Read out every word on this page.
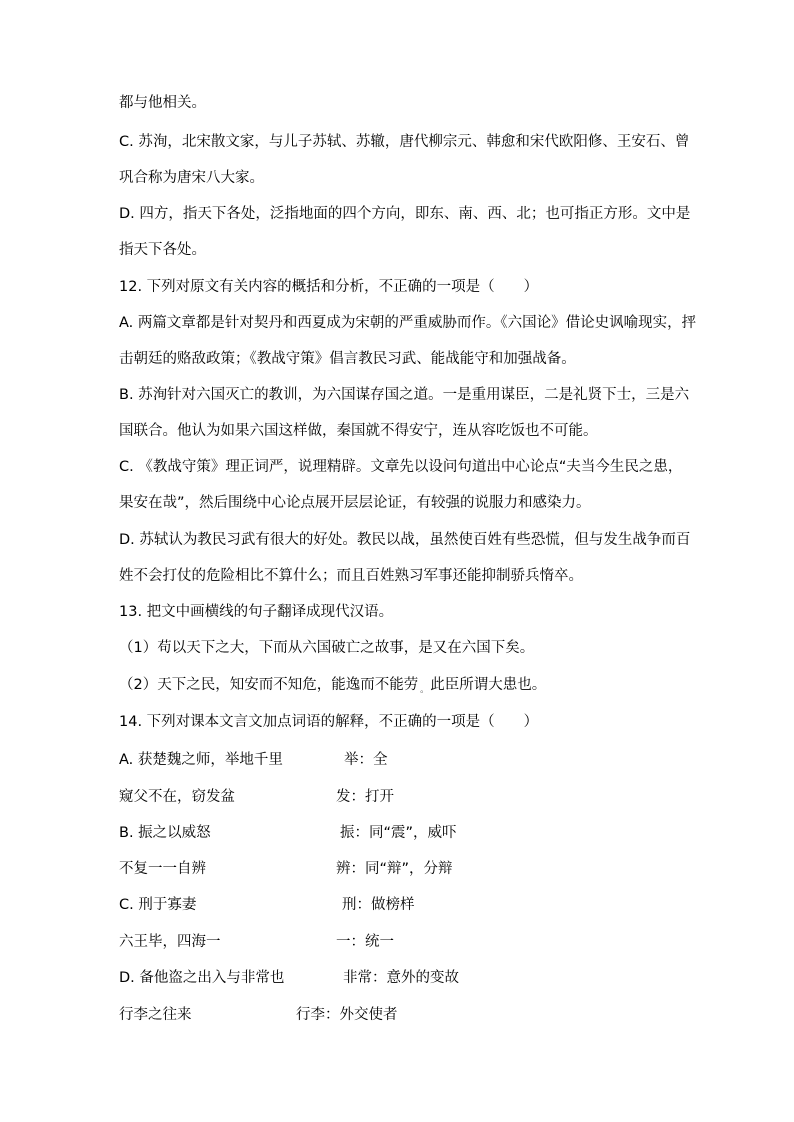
都与他相关。
C. 苏洵，北宋散文家，与儿子苏轼、苏辙，唐代柳宗元、韩愈和宋代欧阳修、王安石、曾
巩合称为唐宋八大家。
D. 四方，指天下各处，泛指地面的四个方向，即东、南、西、北；也可指正方形。文中是
指天下各处。
12. 下列对原文有关内容的概括和分析，不正确的一项是（　　）
A. 两篇文章都是针对契丹和西夏成为宋朝的严重威胁而作。《六国论》借论史讽喻现实，抨
击朝廷的赂敌政策；《教战守策》倡言教民习武、能战能守和加强战备。
B. 苏洵针对六国灭亡的教训，为六国谋存国之道。一是重用谋臣，二是礼贤下士，三是六
国联合。他认为如果六国这样做，秦国就不得安宁，连从容吃饭也不可能。
C. 《教战守策》理正词严，说理精辟。文章先以设问句道出中心论点“夫当今生民之患，
果安在哉”，然后围绕中心论点展开层层论证，有较强的说服力和感染力。
D. 苏轼认为教民习武有很大的好处。教民以战，虽然使百姓有些恐慌，但与发生战争而百
姓不会打仗的危险相比不算什么；而且百姓熟习军事还能抑制骄兵惰卒。
13. 把文中画横线的句子翻译成现代汉语。
（1）苟以天下之大，下而从六国破亡之故事，是又在六国下矣。
（2）天下之民，知安而不知危，能逸而不能劳 $_。$ 此臣所谓大患也。
14. 下列对课本文言文加点词语的解释，不正确的一项是（　　）
A. 获楚魏之师，举地千里	举：全
窥父不在，窃发盆	发：打开
B. 振之以威怒	振：同“震”，威吓
不复一一自辨	辨：同“辩”，分辩
C. 刑于寡妻	刑：做榜样
六王毕，四海一	一：统一
D. 备他盗之出入与非常也	非常：意外的变故
行李之往来	行李：外交使者
